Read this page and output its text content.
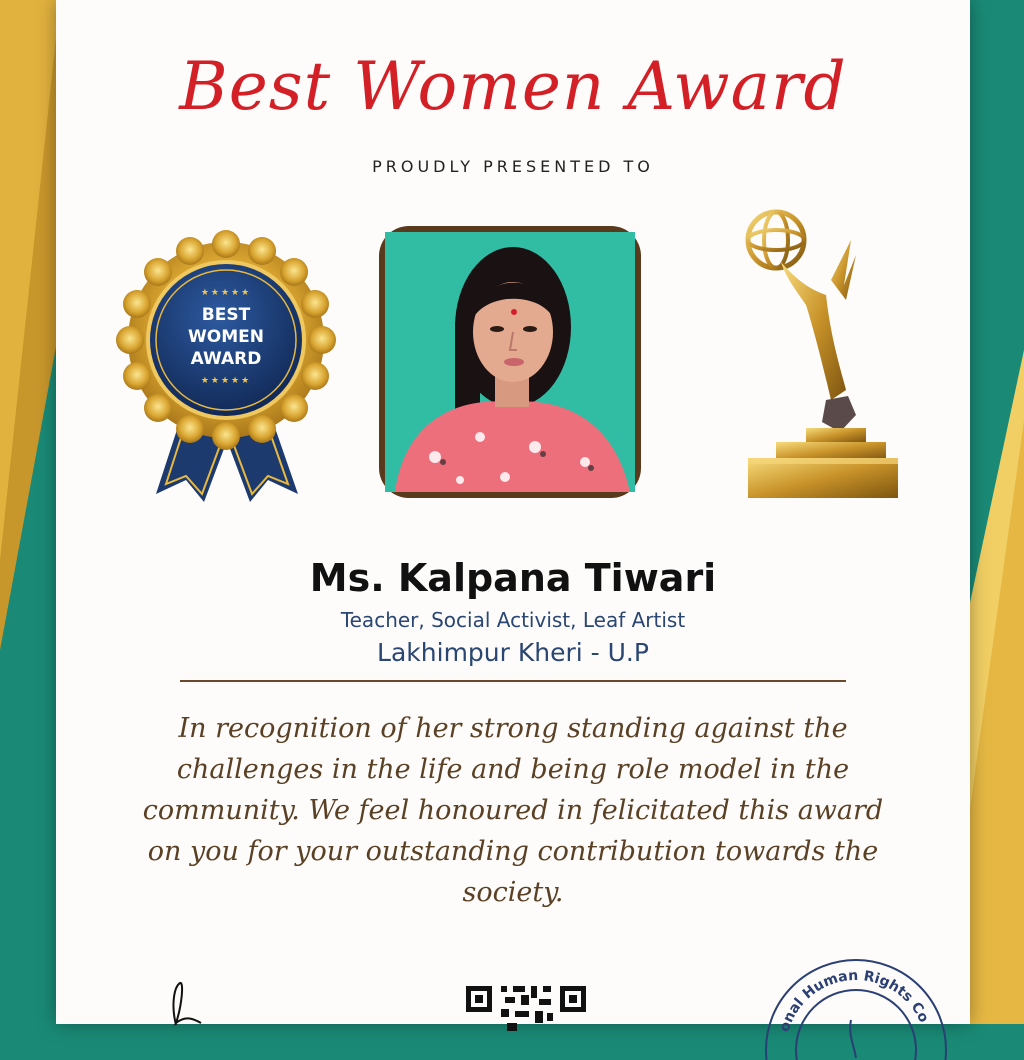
Best Women Award
PROUDLY PRESENTED TO
★★★★★
BEST
WOMEN
AWARD
★★★★★
Ms. Kalpana Tiwari
Teacher, Social Activist, Leaf Artist
Lakhimpur Kheri - U.P
In recognition of her strong standing against the challenges in the life and being role model in the community. We feel honoured in felicitated this award on you for your outstanding contribution towards the society.
onal Human Rights Co
